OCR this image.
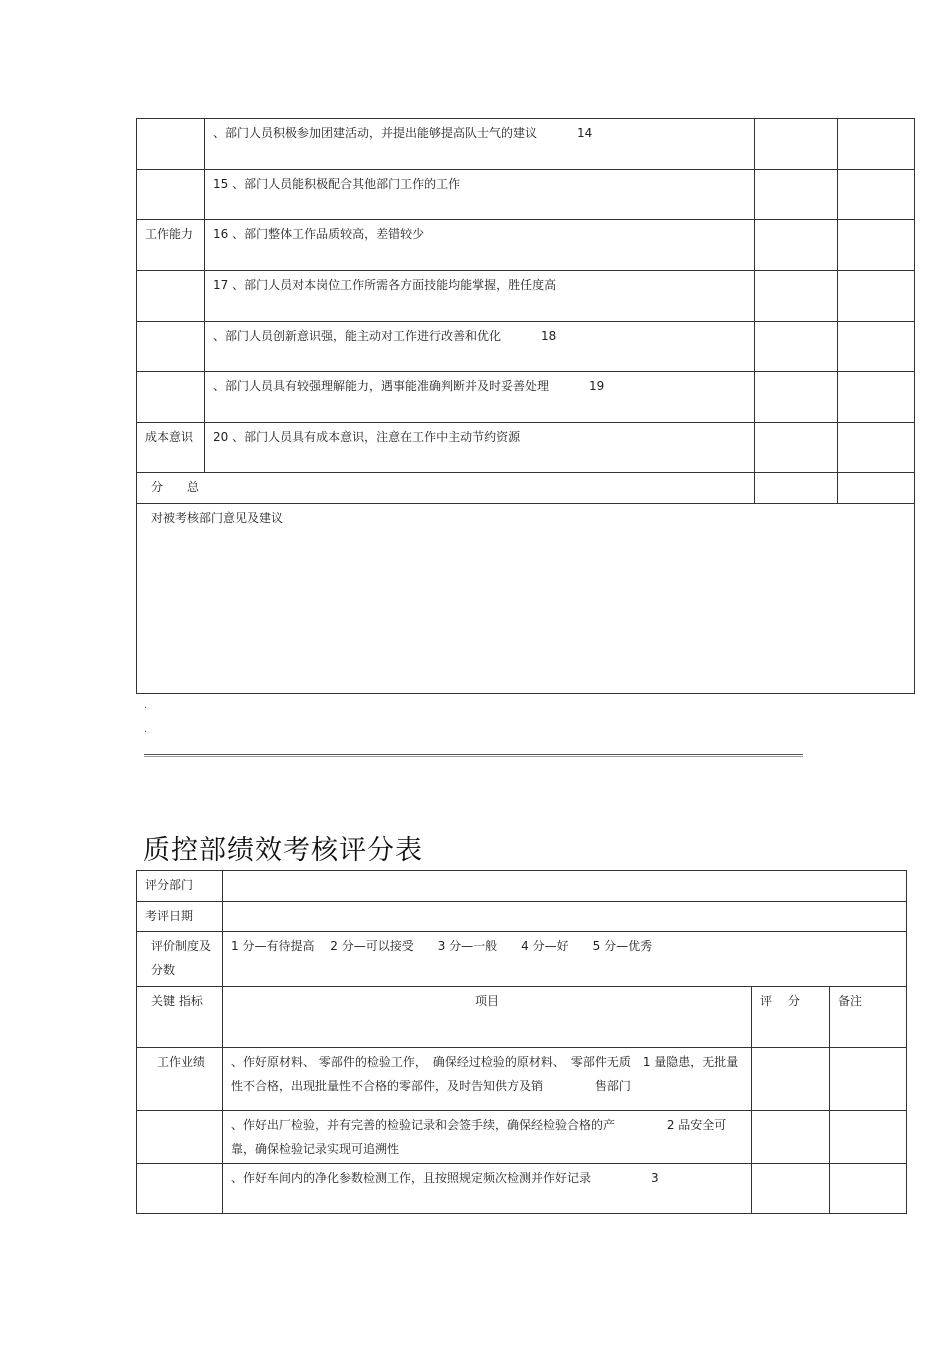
	、部门人员积极参加团建活动，并提出能够提高队士气的建议 14		

	15 、部门人员能积极配合其他部门工作的工作		

工作能力	16 、部门整体工作品质较高，差错较少		

	17 、部门人员对本岗位工作所需各方面技能均能掌握，胜任度高		

	、部门人员创新意识强，能主动对工作进行改善和优化 18		

	、部门人员具有较强理解能力，遇事能准确判断并及时妥善处理 19		

成本意识	20 、部门人员具有成本意识，注意在工作中主动节约资源		

分　　总			

对被考核部门意见及建议			
.
.
质控部绩效考核评分表
评分部门			

考评日期			

评价制度及分数	1 分—有待提高　 2 分—可以接受　　3 分—一般　　4 分—好　　5 分—优秀		

关键 指标	项目	评　 分	备注

工作业绩	、作好原材料、 零部件的检验工作，　确保经过检验的原材料、　零部件无质　1 量隐患，无批量性不合格，出现批量性不合格的零部件，及时告知供方及销　　　　 售部门		

	、作好出厂检验，并有完善的检验记录和会签手续，确保经检验合格的产　　　　 2 品安全可靠，确保检验记录实现可追溯性		

	、作好车间内的净化参数检测工作，且按照规定频次检测并作好记录　　　　　3		
